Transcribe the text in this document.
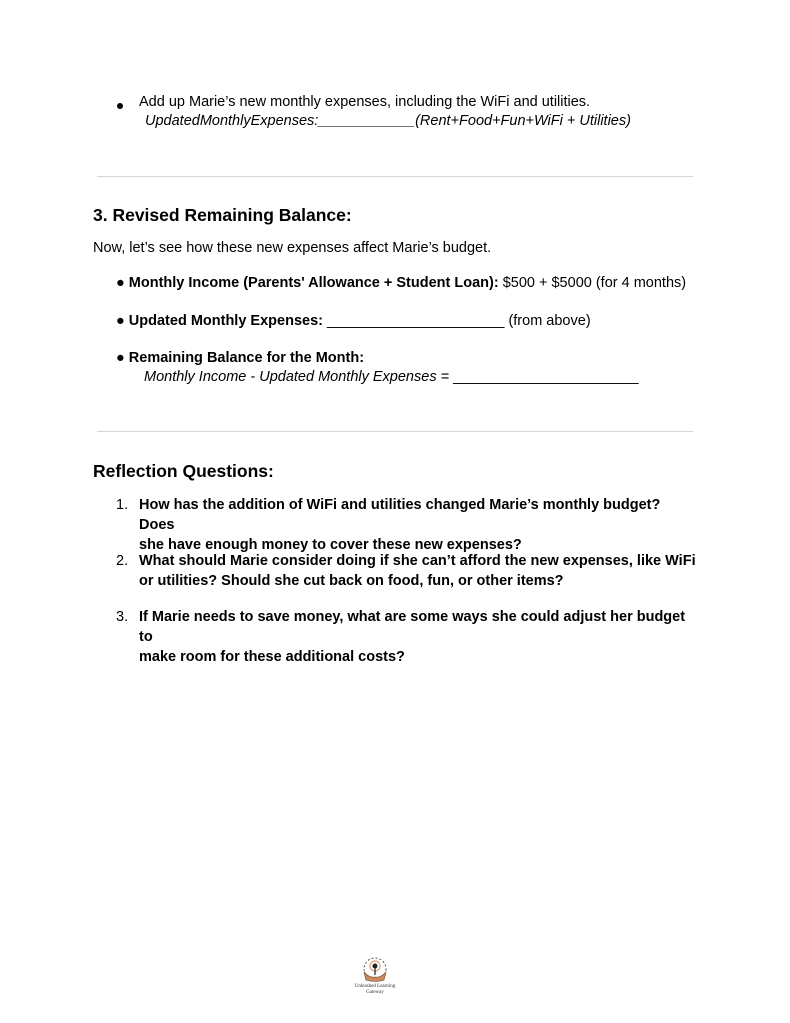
Add up Marie’s new monthly expenses, including the WiFi and utilities.
UpdatedMonthlyExpenses:____________(Rent+Food+Fun+WiFi + Utilities)
3. Revised Remaining Balance:
Now, let’s see how these new expenses affect Marie’s budget.
● Monthly Income (Parents' Allowance + Student Loan): $500 + $5000 (for 4 months)
● Updated Monthly Expenses: ______________________ (from above)
● Remaining Balance for the Month:
Monthly Income - Updated Monthly Expenses = _______________________
Reflection Questions:
1. How has the addition of WiFi and utilities changed Marie’s monthly budget? Does
she have enough money to cover these new expenses?
2. What should Marie consider doing if she can’t afford the new expenses, like WiFi
or utilities? Should she cut back on food, fun, or other items?
3. If Marie needs to save money, what are some ways she could adjust her budget to
make room for these additional costs?
Unleashed Learning
Gateway
